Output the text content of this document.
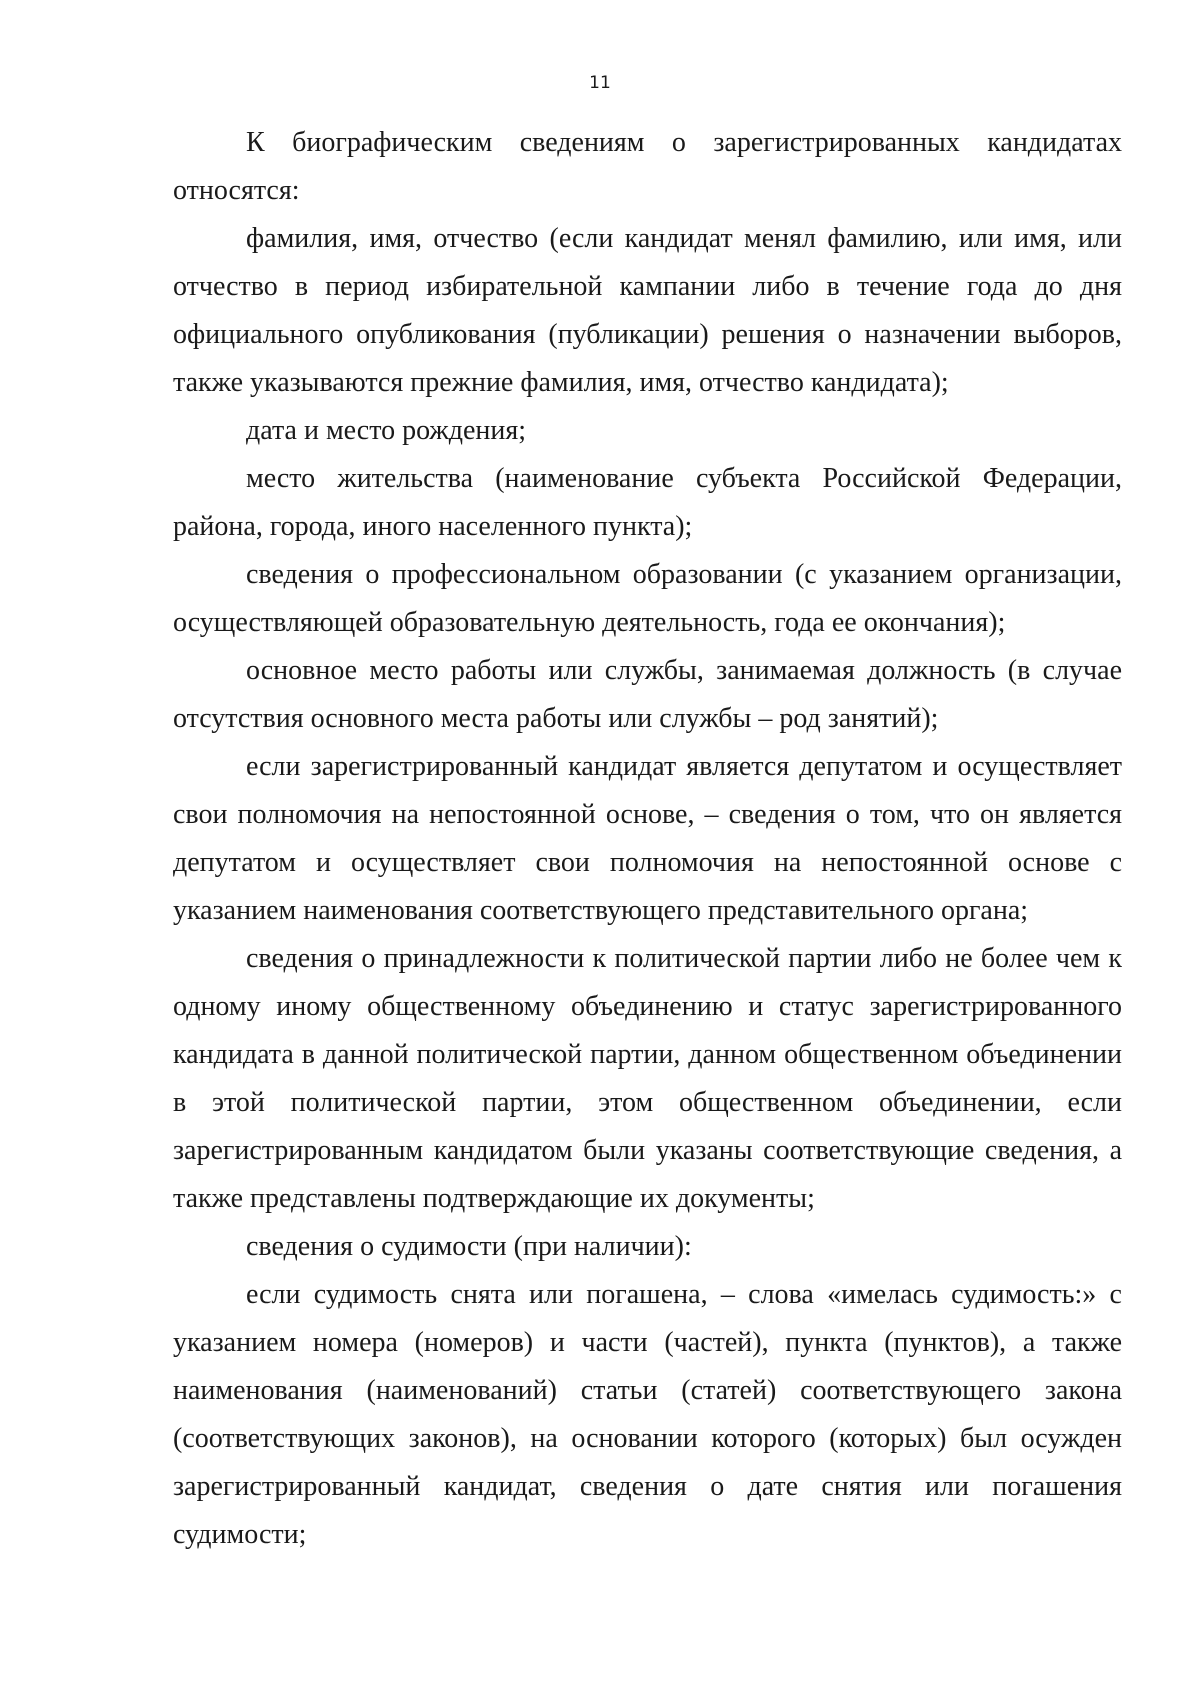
11

К биографическим сведениям о зарегистрированных кандидатах относятся:

фамилия, имя, отчество (если кандидат менял фамилию, или имя, или отчество в период избирательной кампании либо в течение года до дня официального опубликования (публикации) решения о назначении выборов, также указываются прежние фамилия, имя, отчество кандидата);

дата и место рождения;

место жительства (наименование субъекта Российской Федерации, района, города, иного населенного пункта);

сведения о профессиональном образовании (с указанием организации, осуществляющей образовательную деятельность, года ее окончания);

основное место работы или службы, занимаемая должность (в случае отсутствия основного места работы или службы – род занятий);

если зарегистрированный кандидат является депутатом и осуществляет свои полномочия на непостоянной основе, – сведения о том, что он является депутатом и осуществляет свои полномочия на непостоянной основе с указанием наименования соответствующего представительного органа;

сведения о принадлежности к политической партии либо не более чем к одному иному общественному объединению и статус зарегистрированного кандидата в данной политической партии, данном общественном объединении в этой политической партии, этом общественном объединении, если зарегистрированным кандидатом были указаны соответствующие сведения, а также представлены подтверждающие их документы;

сведения о судимости (при наличии):

если судимость снята или погашена, – слова «имелась судимость:» с указанием номера (номеров) и части (частей), пункта (пунктов), а также наименования (наименований) статьи (статей) соответствующего закона (соответствующих законов), на основании которого (которых) был осужден зарегистрированный кандидат, сведения о дате снятия или погашения судимости;
